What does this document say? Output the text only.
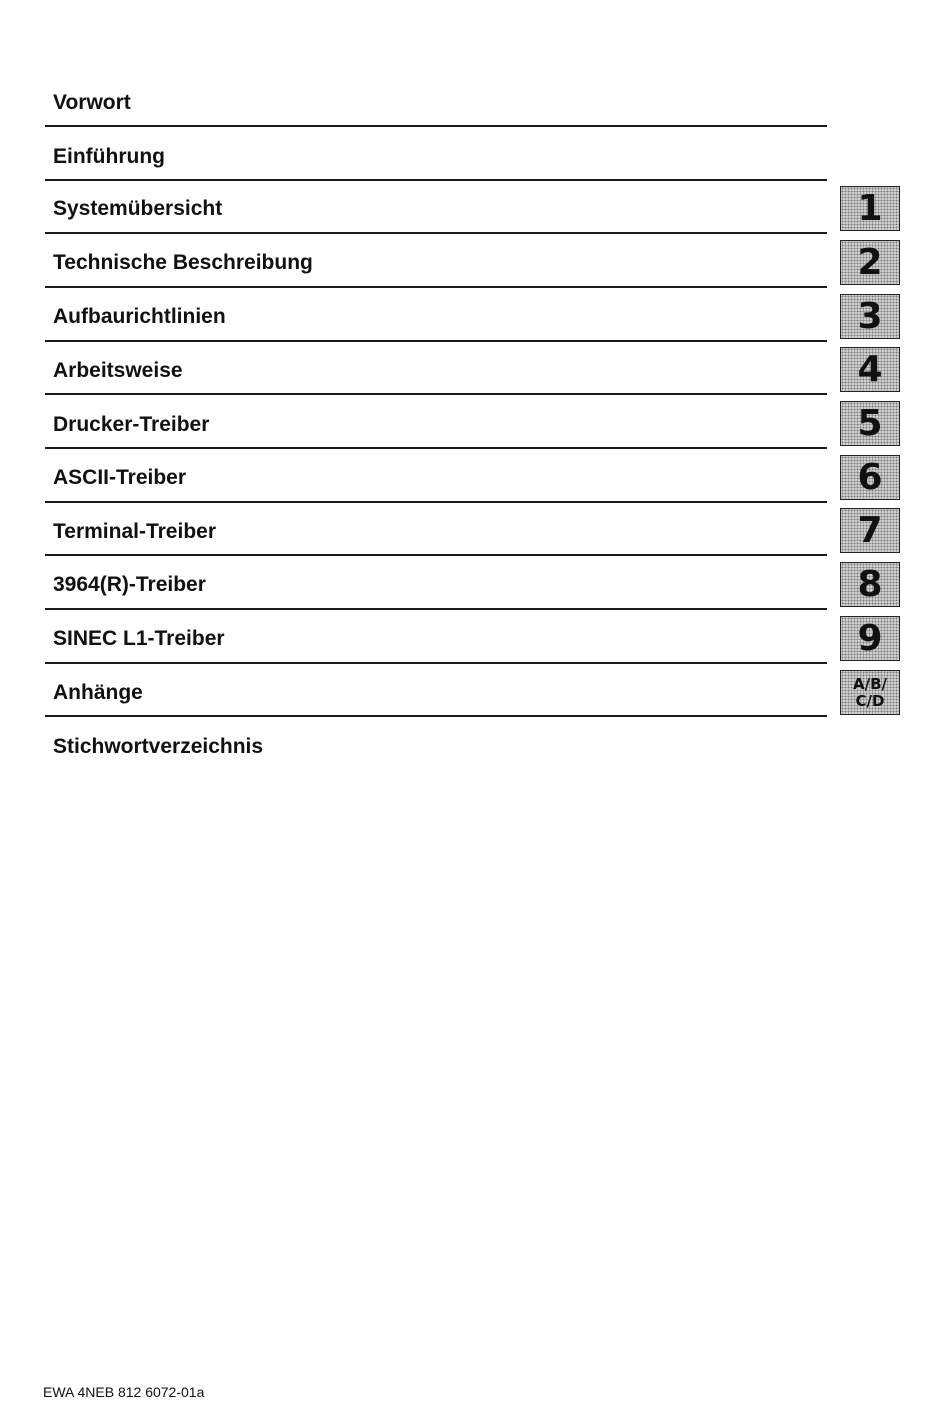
Vorwort
Einführung
Systemübersicht
Technische Beschreibung
Aufbaurichtlinien
Arbeitsweise
Drucker-Treiber
ASCII-Treiber
Terminal-Treiber
3964(R)-Treiber
SINEC L1-Treiber
Anhänge
Stichwortverzeichnis
1
2
3
4
5
6
7
8
9
A/B/
C/D
EWA 4NEB 812 6072-01a
